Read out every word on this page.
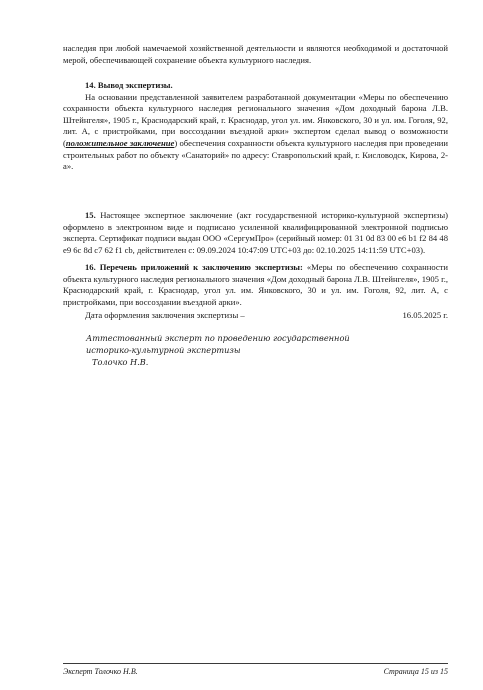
наследия при любой намечаемой хозяйственной деятельности и являются необходимой и достаточной мерой, обеспечивающей сохранение объекта культурного наследия.

14. Вывод экспертизы.

На основании представленной заявителем разработанной документации «Меры по обеспечению сохранности объекта культурного наследия регионального значения «Дом доходный барона Л.В. Штейнгеля», 1905 г., Краснодарский край, г. Краснодар, угол ул. им. Янковского, 30 и ул. им. Гоголя, 92, лит. А, с пристройками, при воссоздании въездной арки» экспертом сделал вывод о возможности (положительное заключение) обеспечения сохранности объекта культурного наследия при проведении строительных работ по объекту «Санаторий» по адресу: Ставропольский край, г. Кисловодск, Кирова, 2-а».

15. Настоящее экспертное заключение (акт государственной историко-культурной экспертизы) оформлено в электронном виде и подписано усиленной квалифицированной электронной подписью эксперта. Сертификат подписи выдан ООО «СергумПро» (серийный номер: 01 31 0d 83 00 e6 b1 f2 84 48 e9 6c 8d c7 62 f1 cb, действителен с: 09.09.2024 10:47:09 UTC+03 до: 02.10.2025 14:11:59 UTC+03).

16. Перечень приложений к заключению экспертизы: «Меры по обеспечению сохранности объекта культурного наследия регионального значения «Дом доходный барона Л.В. Штейнгеля», 1905 г., Краснодарский край, г. Краснодар, угол ул. им. Янковского, 30 и ул. им. Гоголя, 92, лит. А, с пристройками, при воссоздании въездной арки».

Дата оформления заключения экспертизы –	16.05.2025 г.
Аттестованный эксперт по проведению государственной
историко-культурной экспертизы
Толочко Н.В.
Эксперт Толочко Н.В.	Страница 15 из 15
